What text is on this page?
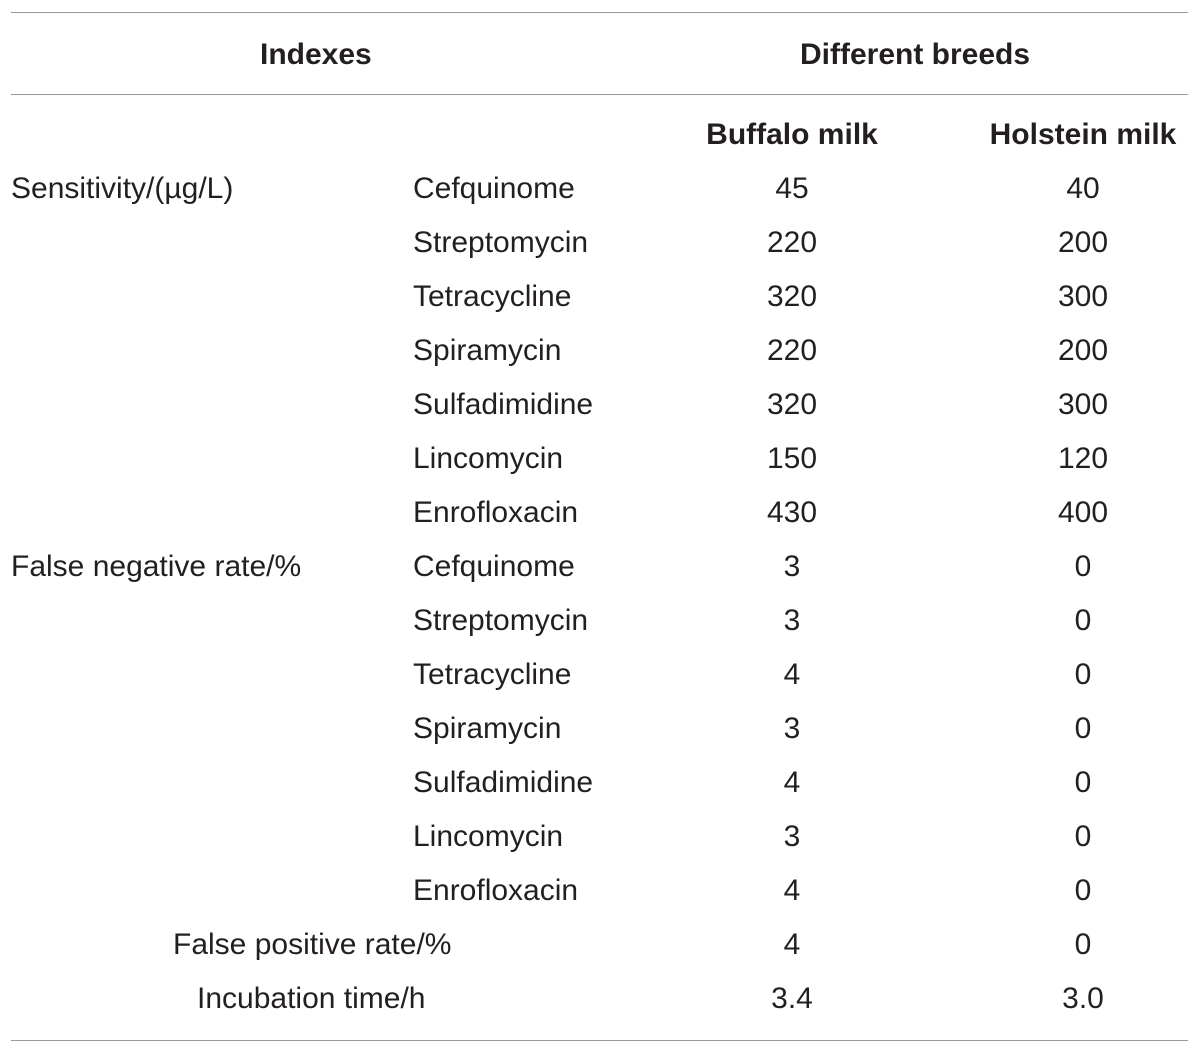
Indexes	Different breeds
Buffalo milk	Holstein milk
Sensitivity/(µg/L)	Cefquinome	45	40
Streptomycin	220	200
Tetracycline	320	300
Spiramycin	220	200
Sulfadimidine	320	300
Lincomycin	150	120
Enrofloxacin	430	400
False negative rate/%	Cefquinome	3	0
Streptomycin	3	0
Tetracycline	4	0
Spiramycin	3	0
Sulfadimidine	4	0
Lincomycin	3	0
Enrofloxacin	4	0
False positive rate/%	4	0
Incubation time/h	3.4	3.0
